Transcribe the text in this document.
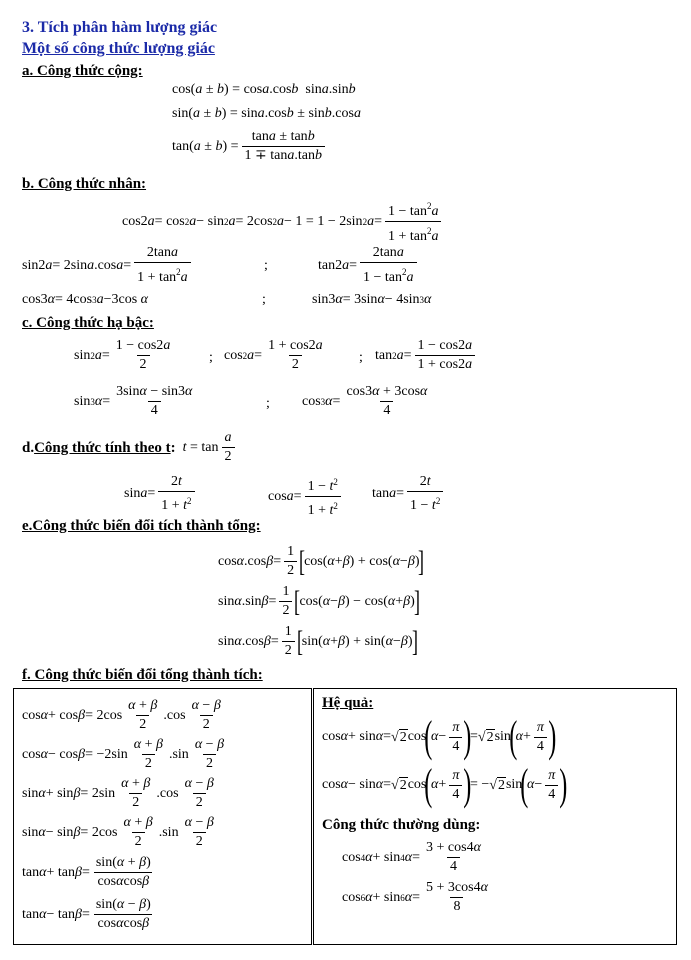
3. Tích phân hàm lượng giác
Một số công thức lượng giác
a. Công thức cộng:
cos( a ± b ) = cos a .cos b sin a .sin b
sin( a ± b ) = sin a .cos b ± sin b .cos a
tan( a ± b ) = $\frac{\tan a \pm \tan b}{1 \mp \tan a.\tan b}$
b. Công thức nhân:
cos2 a = cos 2 a − sin 2 a = 2cos 2 a − 1 = 1 − 2sin 2 $a = \frac{1 - \tan^2a}{1 + \tan^2a}$
sin2 a = 2sin a .cos $a = \frac{2\tan a}{1 + \tan^2a}$	;	tan2 $a = \frac{2\tan a}{1 - \tan^2a}$
cos3 α = 4cos 3 a −3cos α	;	sin3 α = 3sin α − 4sin 3 α
c. Công thức hạ bậc:
sin 2 $a = \frac{1 - \cos 2a}{2}$	; cos 2 $a = \frac{1 + \cos 2a}{2}$ ; tan 2 $a = \frac{1 - \cos 2a}{1 + \cos 2a}$
sin 3 $\alpha = \frac{3\sin\alpha - \sin 3\alpha}{4}$	; cos 3 $\alpha = \frac{\cos 3\alpha + 3\cos\alpha}{4}$
d. Công thức tính theo t :
$t = \tan \frac{a}{2}$
$\sin a = \frac{2t}{1 + t^2}$	$\cos a = \frac{1 - t^2}{1 + t^2}$ $\tan a = \frac{2t}{1 - t^2}$
e.Công thức biến đổi tích thành tổng:
cos α .cos $\beta = \frac{1}{2}$ [ cos( α + β ) + cos( α − β ) ]
sin α .sin $\beta = \frac{1}{2}$ [ cos( α − β ) − cos( α + β ) ]
sin α .cos $\beta = \frac{1}{2}$ [ sin( α + β ) + sin( α − β ) ]
f. Công thức biến đổi tổng thành tích:
$\cos \alpha + \cos \beta = 2\cos \frac{\alpha + \beta}{2} .\cos \frac{\alpha - \beta}{2}$
$\cos \alpha - \cos \beta = -2\sin \frac{\alpha + \beta}{2} .\sin \frac{\alpha - \beta}{2}$
$\sin \alpha + \sin \beta = 2\sin \frac{\alpha + \beta}{2} .\cos \frac{\alpha - \beta}{2}$
$\sin \alpha - \sin \beta = 2\cos \frac{\alpha + \beta}{2} .\sin \frac{\alpha - \beta}{2}$
$\tan \alpha + \tan \beta = \frac{\sin(\alpha + \beta)}{\cos\alpha\cos\beta}$
$\tan \alpha - \tan \beta = \frac{\sin(\alpha - \beta)}{\cos\alpha\cos\beta}$
Hệ quả:
cos α + sin α = √ 2 cos
(
$\alpha - \frac{\pi}{4}$ )
= √ 2 sin
(
$\alpha + \frac{\pi}{4}$ )
cos α − sin α = √ 2 cos
(
$\alpha + \frac{\pi}{4}$ )
= − √ 2 sin
(
$\alpha - \frac{\pi}{4}$ )
Công thức thường dùng:
cos 4 α + sin 4 $\alpha = \frac{3 + \cos 4\alpha}{4}$
cos 6 α + sin 6 $\alpha = \frac{5 + 3\cos 4\alpha}{8}$
